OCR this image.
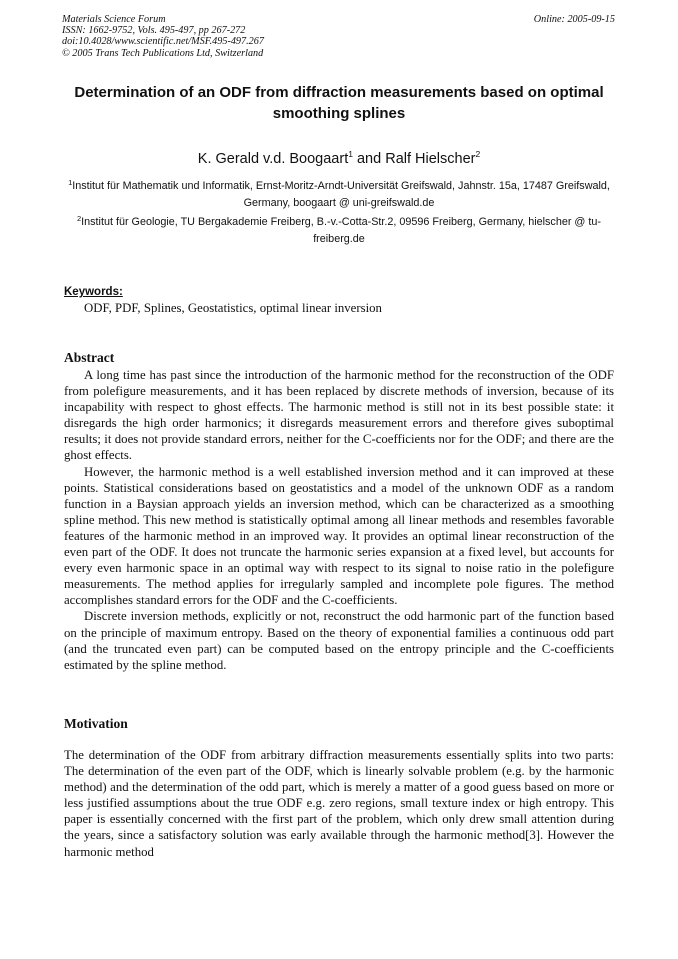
Materials Science Forum
ISSN: 1662-9752, Vols. 495-497, pp 267-272
doi:10.4028/www.scientific.net/MSF.495-497.267
© 2005 Trans Tech Publications Ltd, Switzerland
Online: 2005-09-15
Determination of an ODF from diffraction measurements based on optimal smoothing splines
K. Gerald v.d. Boogaart$^1$ and Ralf Hielscher$^2$
$^1$Institut für Mathematik und Informatik, Ernst-Moritz-Arndt-Universität Greifswald, Jahnstr. 15a, 17487 Greifswald, Germany, boogaart @ uni-greifswald.de
$^2$Institut für Geologie, TU Bergakademie Freiberg, B.-v.-Cotta-Str.2, 09596 Freiberg, Germany, hielscher @ tu-freiberg.de
Keywords:
ODF, PDF, Splines, Geostatistics, optimal linear inversion
Abstract

A long time has past since the introduction of the harmonic method for the reconstruction of the ODF from polefigure measurements, and it has been replaced by discrete methods of inversion, because of its incapability with respect to ghost effects. The harmonic method is still not in its best possible state: it disregards the high order harmonics; it disregards measurement errors and therefore gives suboptimal results; it does not provide standard errors, neither for the C-coefficients nor for the ODF; and there are the ghost effects.

However, the harmonic method is a well established inversion method and it can improved at these points. Statistical considerations based on geostatistics and a model of the unknown ODF as a random function in a Baysian approach yields an inversion method, which can be characterized as a smoothing spline method. This new method is statistically optimal among all linear methods and resembles favorable features of the harmonic method in an improved way. It provides an optimal linear reconstruction of the even part of the ODF. It does not truncate the harmonic series expansion at a fixed level, but accounts for every even harmonic space in an optimal way with respect to its signal to noise ratio in the polefigure measurements. The method applies for irregularly sampled and incomplete pole figures. The method accomplishes standard errors for the ODF and the C-coefficients.

Discrete inversion methods, explicitly or not, reconstruct the odd harmonic part of the function based on the principle of maximum entropy. Based on the theory of exponential families a continuous odd part (and the truncated even part) can be computed based on the entropy principle and the C-coefficients estimated by the spline method.

Motivation

The determination of the ODF from arbitrary diffraction measurements essentially splits into two parts: The determination of the even part of the ODF, which is linearly solvable problem (e.g. by the harmonic method) and the determination of the odd part, which is merely a matter of a good guess based on more or less justified assumptions about the true ODF e.g. zero regions, small texture index or high entropy. This paper is essentially concerned with the first part of the problem, which only drew small attention during the years, since a satisfactory solution was early available through the harmonic method[3]. However the harmonic method
